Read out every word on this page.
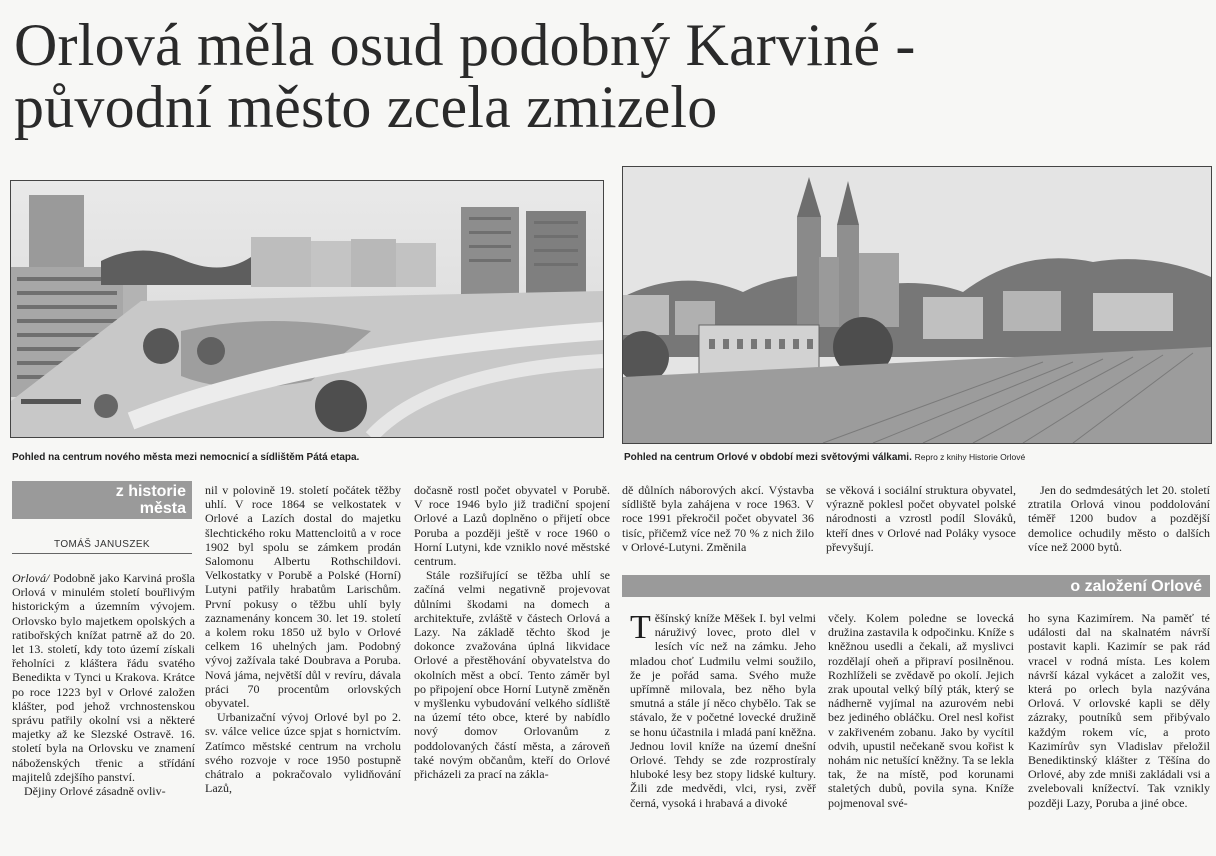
Orlová měla osud podobný Karviné -
původní město zcela zmizelo
Pohled na centrum nového města mezi nemocnicí a sídlištěm Pátá etapa.	Pohled na centrum Orlové v období mezi světovými válkami. Repro z knihy Historie Orlové
z historie
města
TOMÁŠ JANUSZEK

Orlová/ Podobně jako Karviná prošla Orlová v minulém století bouřlivým historickým a územním vývojem. Orlovsko bylo majetkem opolských a ratibořských knížat patrně až do 20. let 13. století, kdy toto území získali řeholníci z kláštera řádu svatého Benedikta v Tynci u Krakova. Krátce po roce 1223 byl v Orlové založen klášter, pod jehož vrchnostenskou správu patřily okolní vsi a některé majetky až ke Slezské Ostravě. 16. století byla na Orlovsku ve znamení náboženských třenic a střídání majitelů zdejšího panství.

Dějiny Orlové zásadně ovliv-

nil v polovině 19. století počátek těžby uhlí. V roce 1864 se velkostatek v Orlové a Lazích dostal do majetku šlechtického roku Mattencloitů a v roce 1902 byl spolu se zámkem prodán Salomonu Albertu Rothschildovi. Velkostatky v Porubě a Polské (Horní) Lutyni patřily hrabatům Larischům. První pokusy o těžbu uhlí byly zaznamenány koncem 30. let 19. století a kolem roku 1850 už bylo v Orlové celkem 16 uhelných jam. Podobný vývoj zažívala také Doubrava a Poruba. Nová jáma, největší důl v revíru, dávala práci 70 procentům orlovských obyvatel.

Urbanizační vývoj Orlové byl po 2. sv. válce velice úzce spjat s hornictvím. Zatímco městské centrum na vrcholu svého rozvoje v roce 1950 postupně chátralo a pokračovalo vylidňování Lazů,

dočasně rostl počet obyvatel v Porubě. V roce 1946 bylo již tradiční spojení Orlové a Lazů doplněno o přijetí obce Poruba a později ještě v roce 1960 o Horní Lutyni, kde vzniklo nové městské centrum.

Stále rozšiřující se těžba uhlí se začíná velmi negativně projevovat důlními škodami na domech a architektuře, zvláště v částech Orlová a Lazy. Na základě těchto škod je dokonce zvažována úplná likvidace Orlové a přestěhování obyvatelstva do okolních měst a obcí. Tento záměr byl po připojení obce Horní Lutyně změněn v myšlenku vybudování velkého sídliště na území této obce, které by nabídlo nový domov Orlovanům z poddolovaných částí města, a zároveň také novým občanům, kteří do Orlové přicházeli za prací na zákla-

dě důlních náborových akcí. Výstavba sídliště byla zahájena v roce 1963. V roce 1991 překročil počet obyvatel 36 tisíc, přičemž více než 70 % z nich žilo v Orlové-Lutyni. Změnila

se věková i sociální struktura obyvatel, výrazně poklesl počet obyvatel polské národnosti a vzrostl podíl Slováků, kteří dnes v Orlové nad Poláky vysoce převyšují.

Jen do sedmdesátých let 20. století ztratila Orlová vinou poddolování téměř 1200 budov a pozdější demolice ochudily město o dalších více než 2000 bytů.

o založení Orlové

Těšínský kníže Měšek I. byl velmi náruživý lovec, proto dlel v lesích víc než na zámku. Jeho mladou choť Ludmilu velmi soužilo, že je pořád sama. Svého muže upřímně milovala, bez něho byla smutná a stále jí něco chybělo. Tak se stávalo, že v početné lovecké družině se honu účastnila i mladá paní kněžna. Jednou lovil kníže na území dnešní Orlové. Tehdy se zde rozprostíraly hluboké lesy bez stopy lidské kultury. Žili zde medvědi, vlci, rysi, zvěř černá, vysoká i hrabavá a divoké

včely. Kolem poledne se lovecká družina zastavila k odpočinku. Kníže s kněžnou usedli a čekali, až myslivci rozdělají oheň a připraví posilněnou. Rozhlíželi se zvědavě po okolí. Jejich zrak upoutal velký bílý pták, který se nádherně vyjímal na azurovém nebi bez jediného obláčku. Orel nesl kořist v zakřiveném zobanu. Jako by vycítil odvih, upustil nečekaně svou kořist k nohám nic netušící kněžny. Ta se lekla tak, že na místě, pod korunami staletých dubů, povila syna. Kníže pojmenoval své-

ho syna Kazimírem. Na paměť té události dal na skalnatém návrší postavit kapli. Kazimír se pak rád vracel v rodná místa. Les kolem návrší kázal vykácet a založit ves, která po orlech byla nazývána Orlová. V orlovské kapli se děly zázraky, poutníků sem přibývalo každým rokem víc, a proto Kazimírův syn Vladislav přeložil Benediktinský klášter z Těšína do Orlové, aby zde mniši zakládali vsi a zvelebovali knížectví. Tak vznikly později Lazy, Poruba a jiné obce.
